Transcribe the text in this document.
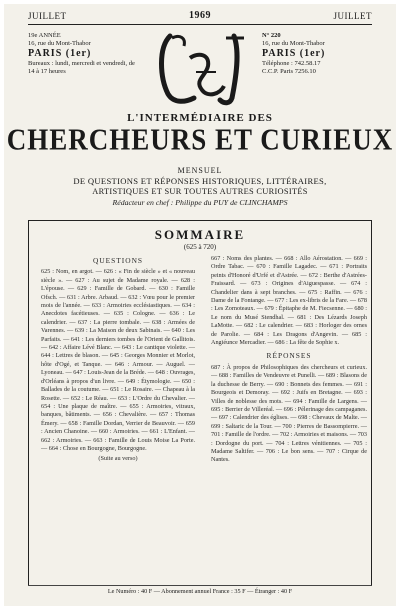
JUILLET	1969	JUILLET
19e ANNÉE
16, rue du Mont-Thabor
PARIS (1er)
Bureaux : lundi, mercredi et vendredi, de 14 à 17 heures
N° 220
16, rue du Mont-Thabor
PARIS (1er)
Téléphone : 742.58.17
C.C.P. Paris 7256.10
L'INTERMÉDIAIRE DES
CHERCHEURS ET CURIEUX
MENSUEL
DE QUESTIONS ET RÉPONSES HISTORIQUES, LITTÉRAIRES,
ARTISTIQUES ET SUR TOUTES AUTRES CURIOSITÉS
Rédacteur en chef : Philippe du PUY de CLINCHAMPS
SOMMAIRE
(625 à 720)
QUESTIONS
625 : Nom, en argot. — 626 : « Fin de siècle » et « nouveau siècle ». — 627 : Au sujet de Madame royale. — 628 : L'épouse. — 629 : Famille de Gobard. — 630 : Famille Ofsch. — 631 : Arbre. Arbaud. — 632 : Vœu pour le premier mois de l'année. — 633 : Armoiries ecclésiastiques. — 634 : Anecdotes facétieuses. — 635 : Cologne. — 636 : Le calendrier. — 637 : La pierre tombale. — 638 : Armées de Varennes. — 639 : La Maison de deux Sabinais. — 640 : Les Parfaits. — 641 : Les derniers tombes de l'Orient de Gallitois. — 642 : Affaire Lévé Blanc. — 643 : Le cantique violette. — 644 : Lettres de blason. — 645 : Georges Monnier et Morlot, hôte d'Ogé, et Tanque. — 646 : Armour. — Auguel. — Lyoneau. — 647 : Louis-Jean de la Bréde. — 648 : Ouvrages, d'Orléans à propos d'un livre. — 649 : Étymologie. — 650 : Ballades de la coutume. — 651 : Le Rosaire. — Chapeau à la Rosette. — 652 : Le Réau. — 653 : L'Ordre du Chevalier. — 654 : Une plaque de maître. — 655 : Armoiries, vitraux, banques, bâtiments. — 656 : Chevalière. — 657 : Thomas Émery. — 658 : Famille Dordan, Verrier de Beauvoir. — 659 : Ancien Chanoine. — 660 : Armoiries. — 661 : L'Enfant. — 662 : Armoiries. — 663 : Famille de Louis Moise La Porte. — 664 : Chose en Bourgogne, Bourgogne.
(Suite au verso)
667 : Noms des plantes. — 668 : Allo Aérostation. — 669 : Ordre Tabac. — 670 : Famille Lagadec. — 671 : Portraits peints d'Honoré d'Urfé et d'Astrée. — 672 : Berthe d'Astrées-Fraissard. — 673 : Origines d'Aiguespasse. — 674 : Chandelier dans à sept branches. — 675 : Raffin. — 676 : Dame de la Fontange. — 677 : Les ex-libris de la Fare. — 678 : Les Zornoteaux. — 679 : Épitaphe de M. Fiecsenne. — 680 : Le nom du Musé Stendhal. — 681 : Des Lézards Joseph LaMotte. — 682 : Le calendrier. — 683 : Horloger des ornes de Parolie. — 684 : Les Dragons d'Angevin. — 685 : Angiéunce Mercadier. — 686 : La fête de Sophie x.
RÉPONSES
687 : À propos de Philosophiques des chercheurs et curieux. — 688 : Familles de Vendeuvre et Punelli. — 689 : Blasons de la duchesse de Berry. — 690 : Bonnets des femmes. — 691 : Bourgeois et Demoray. — 692 : Juifs en Bretagne. — 693 : Villes de noblesse des mots. — 694 : Famille de Largens. — 695 : Berrier de Villeréal. — 696 : Pélerinage des campaganes. — 697 : Calendrier des églises. — 698 : Chevaux de Malte. — 699 : Saltaric de la Tour. — 700 : Pierres de Bassompierre. — 701 : Famille de l'ordre. — 702 : Armoiries et maisons. — 703 : Dordogne du port. — 704 : Lettres vénitiennes. — 705 : Madame Saltifer. — 706 : Le bon sens. — 707 : Cirque de Nantes.
Le Numéro : 40 F — Abonnement annuel France : 35 F — Étranger : 40 F
